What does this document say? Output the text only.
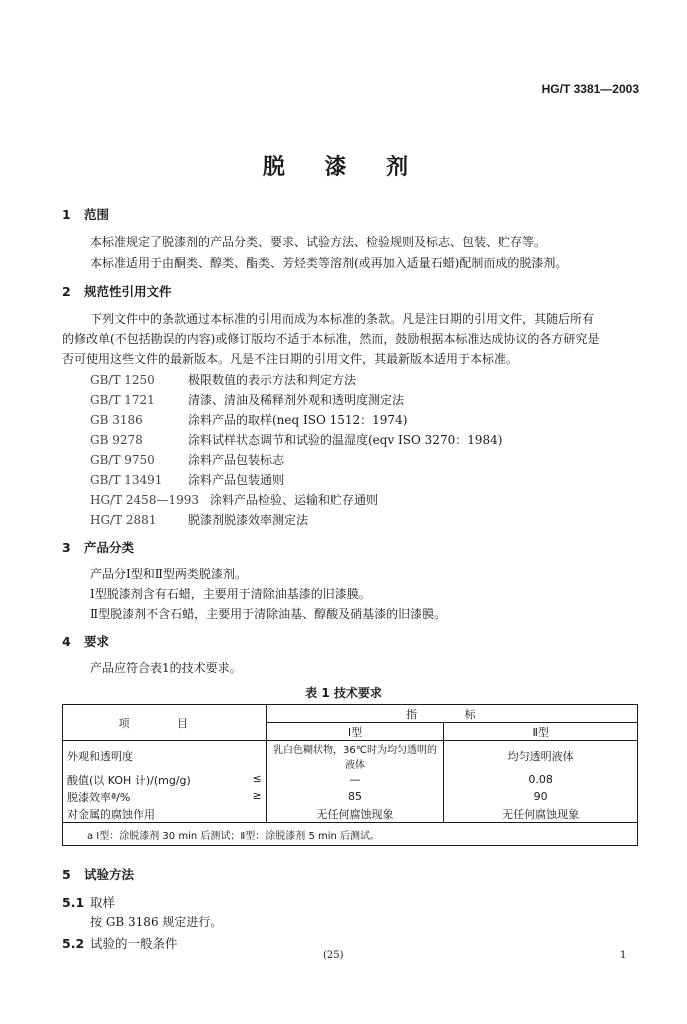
HG/T 3381—2003
脱 漆 剂
1 范围
本标准规定了脱漆剂的产品分类、要求、试验方法、检验规则及标志、包装、贮存等。
本标准适用于由酮类、醇类、酯类、芳烃类等溶剂(或再加入适量石蜡)配制而成的脱漆剂。
2 规范性引用文件
下列文件中的条款通过本标准的引用而成为本标准的条款。凡是注日期的引用文件，其随后所有
的修改单(不包括勘误的内容)或修订版均不适于本标准，然而，鼓励根据本标准达成协议的各方研究是
否可使用这些文件的最新版本。凡是不注日期的引用文件，其最新版本适用于本标准。
GB/T 1250	极限数值的表示方法和判定方法
GB/T 1721	清漆、清油及稀释剂外观和透明度测定法
GB 3186	涂料产品的取样(neq ISO 1512：1974)
GB 9278	涂料试样状态调节和试验的温湿度(eqv ISO 3270：1984)
GB/T 9750	涂料产品包装标志
GB/T 13491 涂料产品包装通则
HG/T 2458—1993 涂料产品检验、运输和贮存通则
HG/T 2881	脱漆剂脱漆效率测定法
3 产品分类
产品分Ⅰ型和Ⅱ型两类脱漆剂。
Ⅰ型脱漆剂含有石蜡，主要用于清除油基漆的旧漆膜。
Ⅱ型脱漆剂不含石蜡，主要用于清除油基、醇酸及硝基漆的旧漆膜。
4 要求
产品应符合表1的技术要求。
表 1 技术要求
项 目	指 标	
	Ⅰ型	Ⅱ型
外观和透明度	乳白色糊状物，36℃时为均匀透明的液体	均匀透明液体
酸值(以 KOH 计)/(mg/g) ≤	—	0.08
脱漆效率ª/% ≥	85	90
对金属的腐蚀作用	无任何腐蚀现象	无任何腐蚀现象
a Ⅰ型：涂脱漆剂 30 min 后测试；Ⅱ型：涂脱漆剂 5 min 后测试。		
5 试验方法
5.1 取样
按 GB 3186 规定进行。
5.2 试验的一般条件
(25)	1
